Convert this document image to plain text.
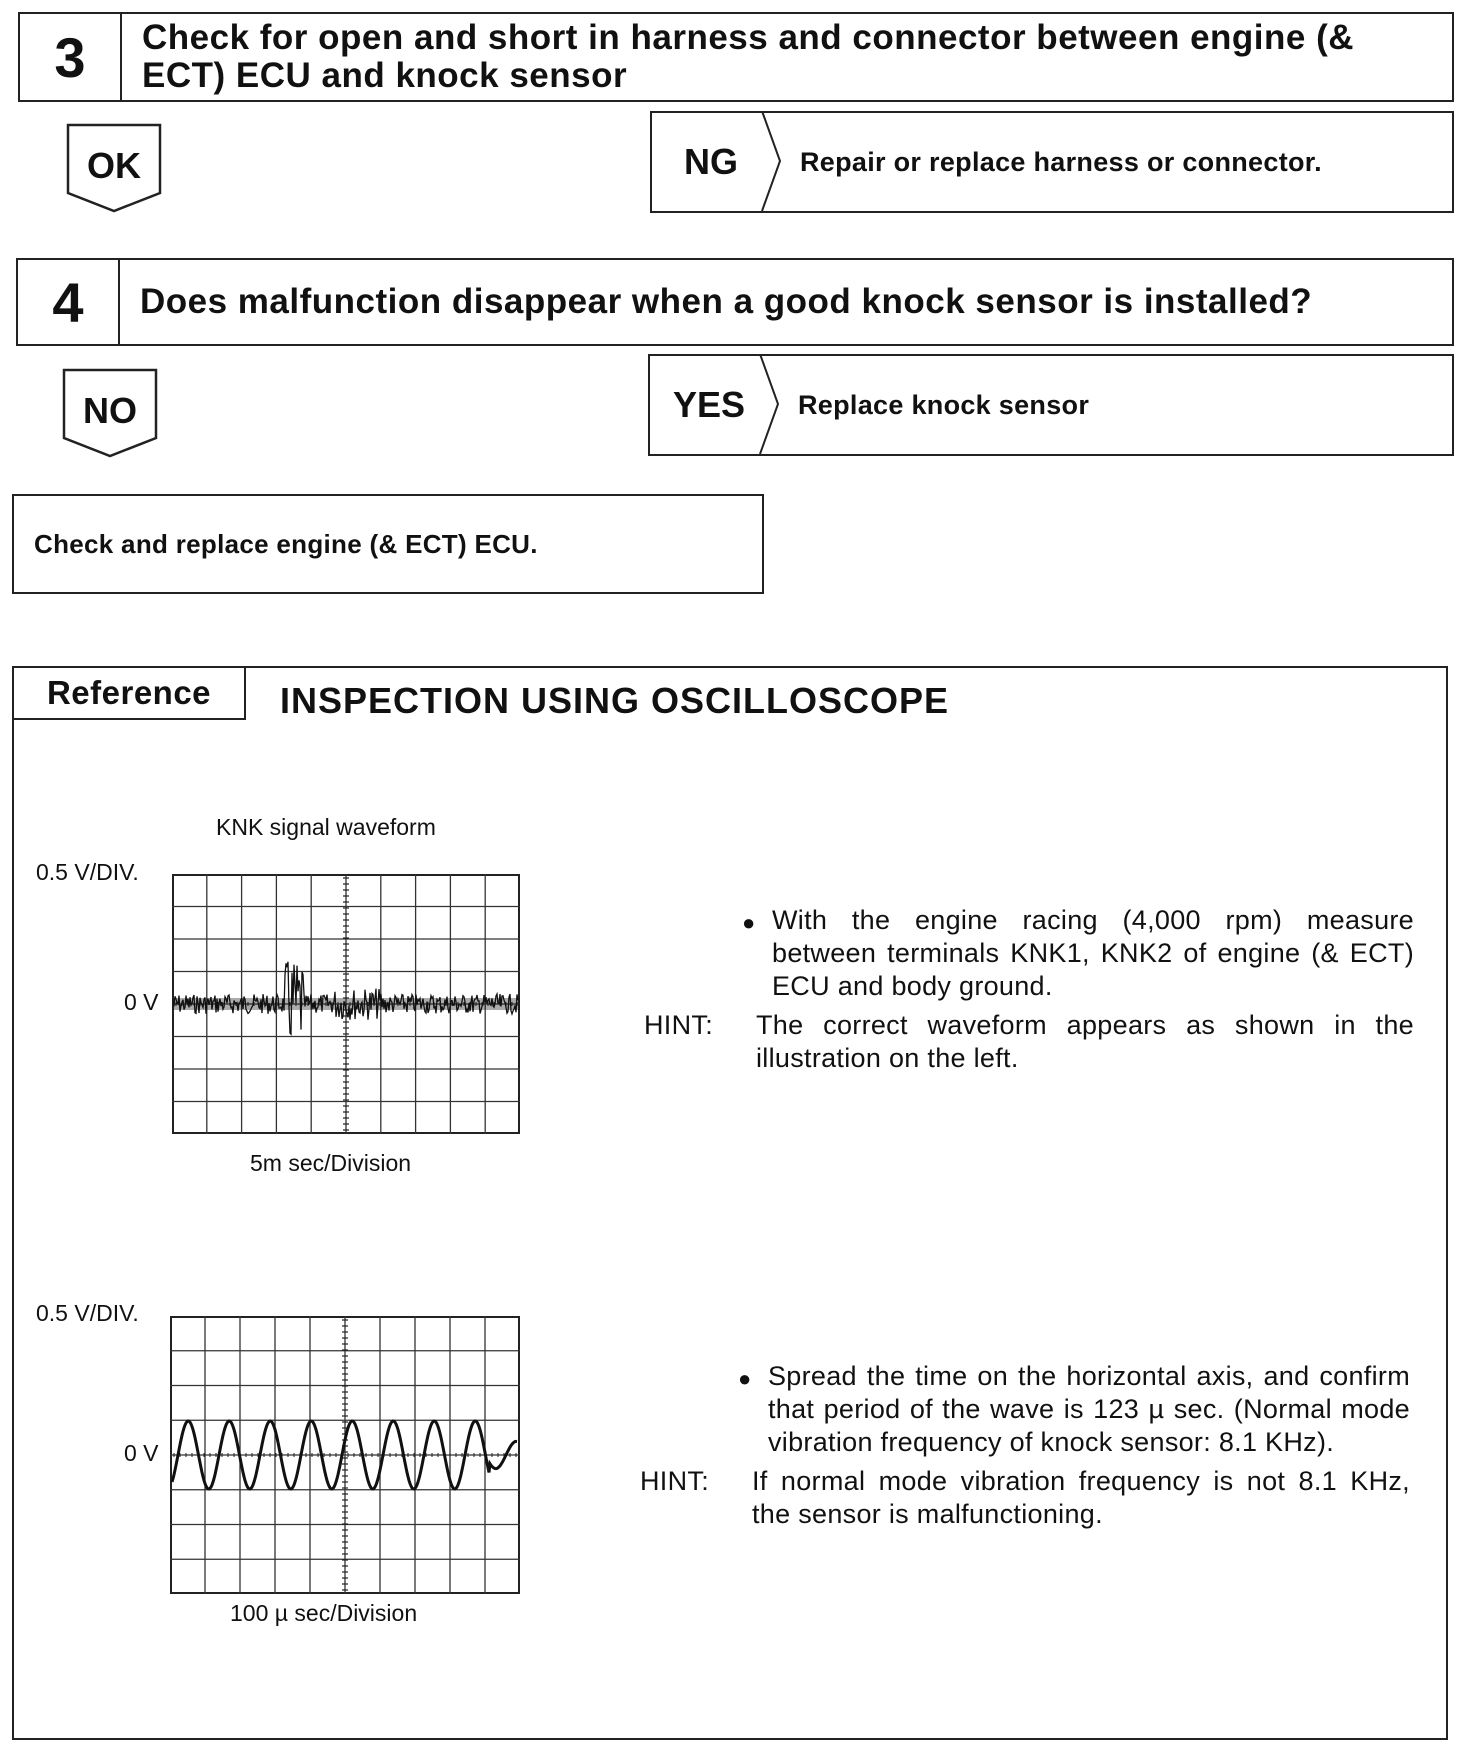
3	Check for open and short in harness and connector between engine (& ECT) ECU and knock sensor
OK	NG	Repair or replace harness or connector.
4	Does malfunction disappear when a good knock sensor is installed?
NO	YES	Replace knock sensor
Check and replace engine (& ECT) ECU.
Reference	INSPECTION USING OSCILLOSCOPE
KNK signal waveform
0.5 V/DIV.
0 V
5m sec/Division
0.5 V/DIV.
0 V
100 µ sec/Division
● With the engine racing (4,000 rpm) measure between terminals KNK1, KNK2 of engine (& ECT) ECU and body ground.
HINT:	The correct waveform appears as shown in the illustration on the left.
● Spread the time on the horizontal axis, and confirm that period of the wave is 123 µ sec. (Normal mode vibration frequency of knock sensor: 8.1 KHz).
HINT:	If normal mode vibration frequency is not 8.1 KHz, the sensor is malfunctioning.
